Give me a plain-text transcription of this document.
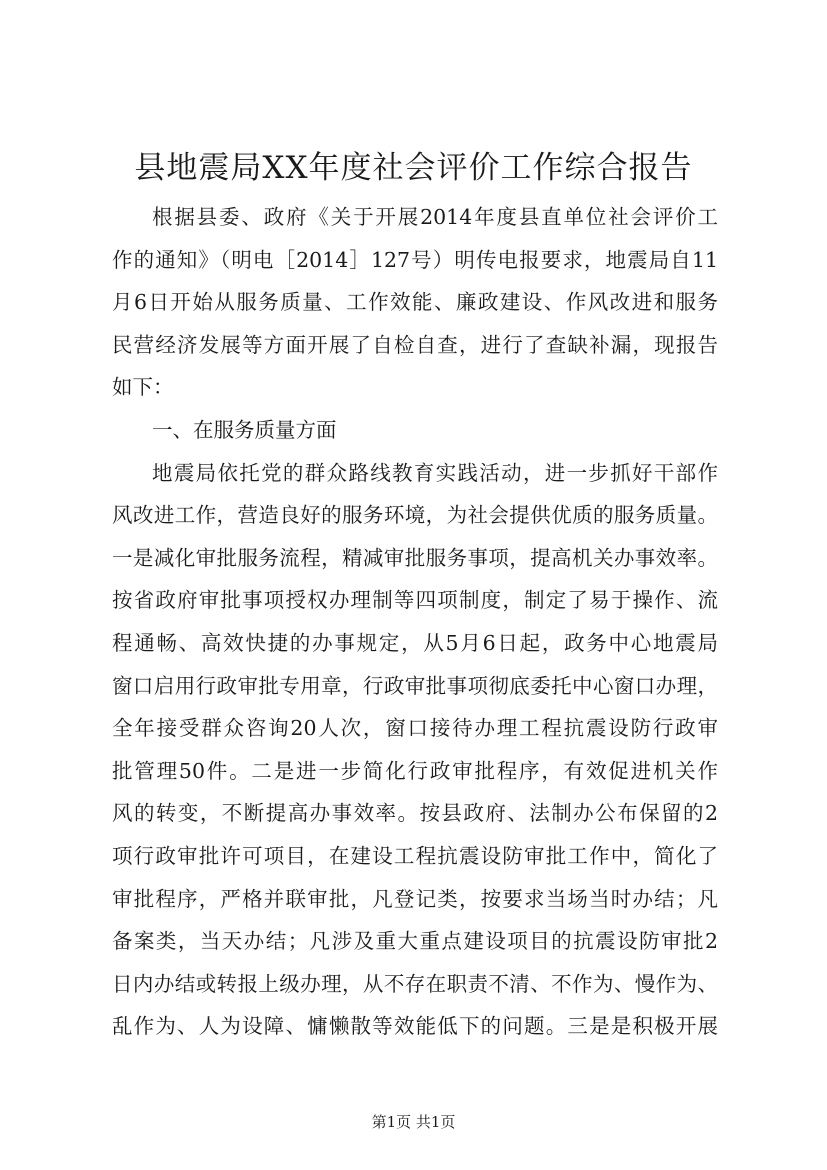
县地震局XX年度社会评价工作综合报告
根据县委、政府《关于开展2014年度县直单位社会评价工
作的通知》（明电［2014］127号）明传电报要求，地震局自11
月6日开始从服务质量、工作效能、廉政建设、作风改进和服务
民营经济发展等方面开展了自检自查，进行了查缺补漏，现报告
如下：
一、在服务质量方面
地震局依托党的群众路线教育实践活动，进一步抓好干部作
风改进工作，营造良好的服务环境，为社会提供优质的服务质量。
一是减化审批服务流程，精减审批服务事项，提高机关办事效率。
按省政府审批事项授权办理制等四项制度，制定了易于操作、流
程通畅、高效快捷的办事规定，从5月6日起，政务中心地震局
窗口启用行政审批专用章，行政审批事项彻底委托中心窗口办理，
全年接受群众咨询20人次，窗口接待办理工程抗震设防行政审
批管理50件。二是进一步简化行政审批程序，有效促进机关作
风的转变，不断提高办事效率。按县政府、法制办公布保留的2
项行政审批许可项目，在建设工程抗震设防审批工作中，简化了
审批程序，严格并联审批，凡登记类，按要求当场当时办结；凡
备案类，当天办结；凡涉及重大重点建设项目的抗震设防审批2
日内办结或转报上级办理，从不存在职责不清、不作为、慢作为、
乱作为、人为设障、慵懒散等效能低下的问题。三是是积极开展
第1页 共1页
